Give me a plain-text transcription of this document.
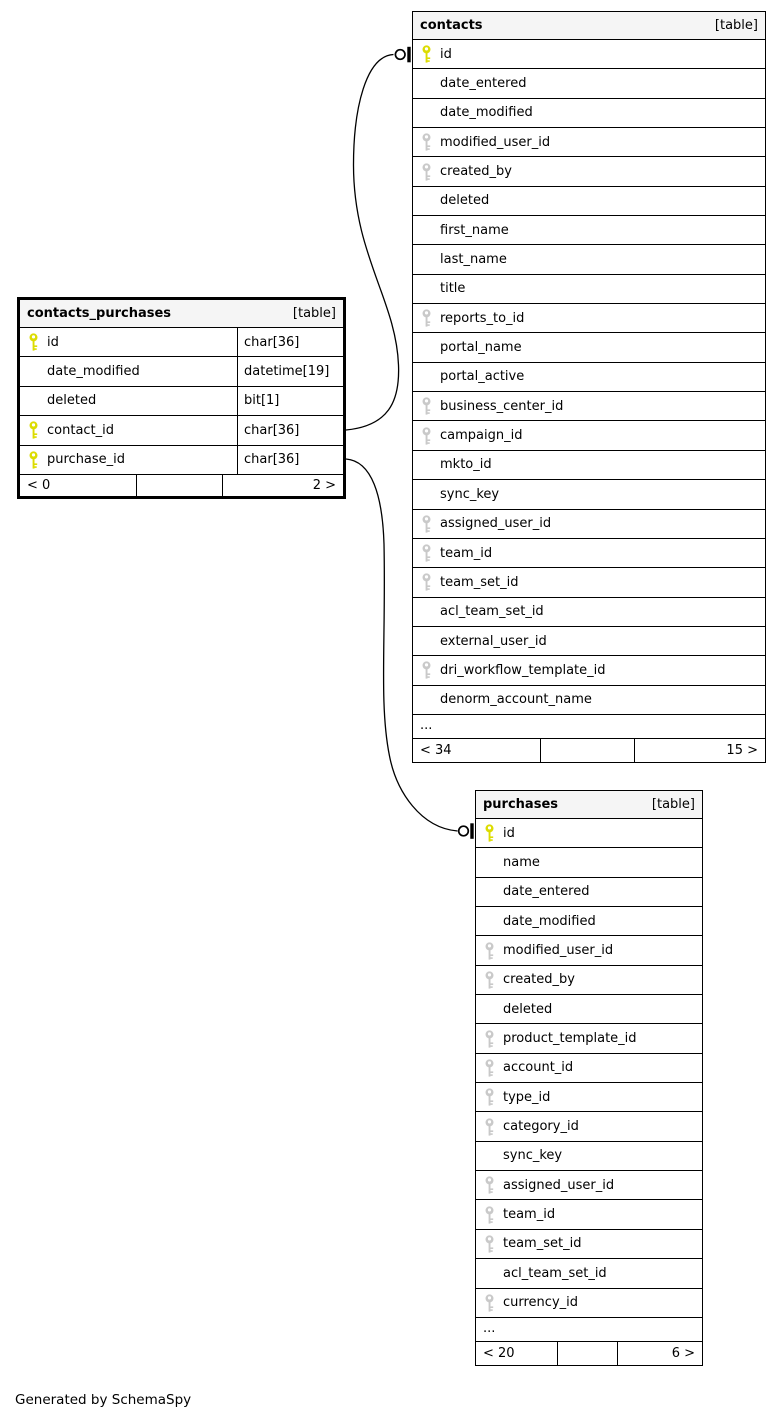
contacts_purchases	[table]
id	char[36]
date_modified	datetime[19]
deleted	bit[1]
contact_id	char[36]
purchase_id	char[36]
< 0	2 >
contacts	[table]
id
date_entered
date_modified
modified_user_id
created_by
deleted
first_name
last_name
title
reports_to_id
portal_name
portal_active
business_center_id
campaign_id
mkto_id
sync_key
assigned_user_id
team_id
team_set_id
acl_team_set_id
external_user_id
dri_workflow_template_id
denorm_account_name
...
< 34	15 >
purchases	[table]
id
name
date_entered
date_modified
modified_user_id
created_by
deleted
product_template_id
account_id
type_id
category_id
sync_key
assigned_user_id
team_id
team_set_id
acl_team_set_id
currency_id
...
< 20	6 >
Generated by SchemaSpy
